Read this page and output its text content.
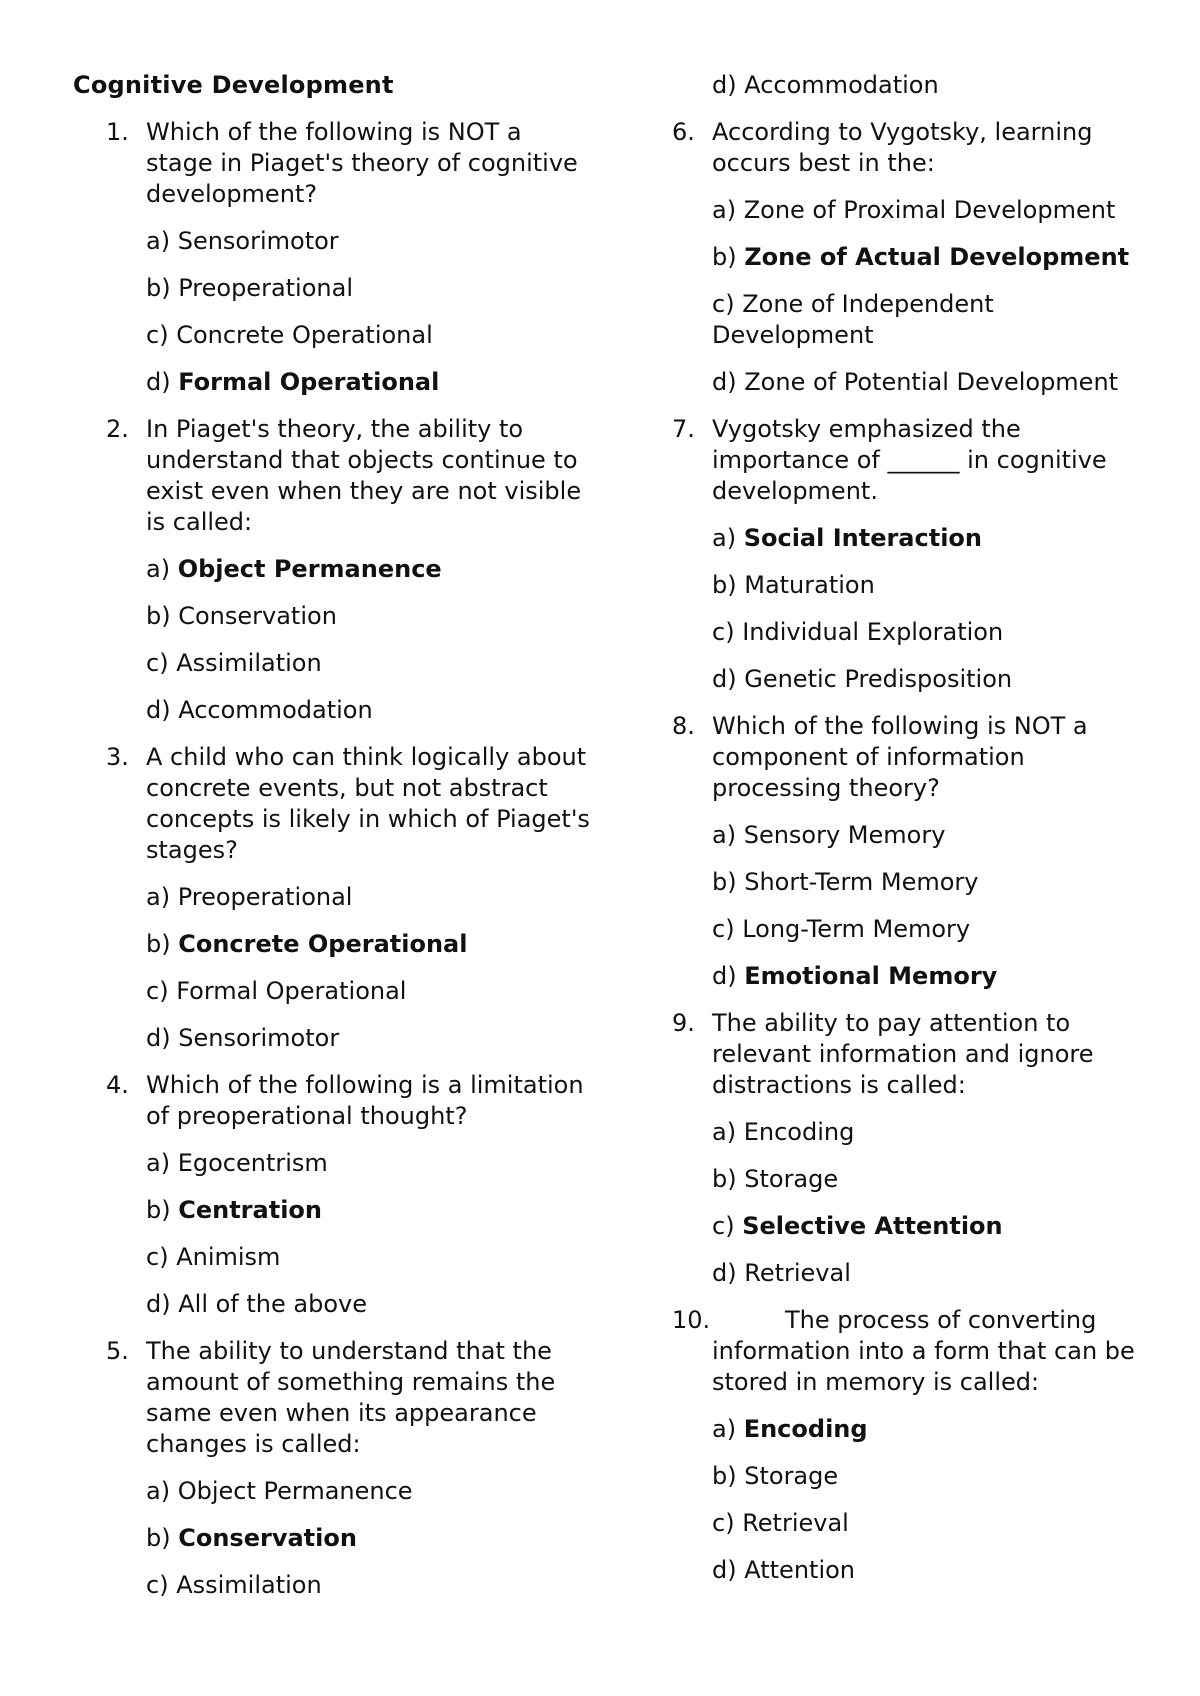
Cognitive Development
1. Which of the following is NOT a stage in Piaget's theory of cognitive development?
a) Sensorimotor
b) Preoperational
c) Concrete Operational
d) Formal Operational
2. In Piaget's theory, the ability to understand that objects continue to exist even when they are not visible is called:
a) Object Permanence
b) Conservation
c) Assimilation
d) Accommodation
3. A child who can think logically about concrete events, but not abstract concepts is likely in which of Piaget's stages?
a) Preoperational
b) Concrete Operational
c) Formal Operational
d) Sensorimotor
4. Which of the following is a limitation of preoperational thought?
a) Egocentrism
b) Centration
c) Animism
d) All of the above
5. The ability to understand that the amount of something remains the same even when its appearance changes is called:
a) Object Permanence
b) Conservation
c) Assimilation
d) Accommodation
6. According to Vygotsky, learning occurs best in the:
a) Zone of Proximal Development
b) Zone of Actual Development
c) Zone of Independent Development
d) Zone of Potential Development
7. Vygotsky emphasized the importance of ______ in cognitive development.
a) Social Interaction
b) Maturation
c) Individual Exploration
d) Genetic Predisposition
8. Which of the following is NOT a component of information processing theory?
a) Sensory Memory
b) Short-Term Memory
c) Long-Term Memory
d) Emotional Memory
9. The ability to pay attention to relevant information and ignore distractions is called:
a) Encoding
b) Storage
c) Selective Attention
d) Retrieval
10.	The process of converting information into a form that can be stored in memory is called:
a) Encoding
b) Storage
c) Retrieval
d) Attention
